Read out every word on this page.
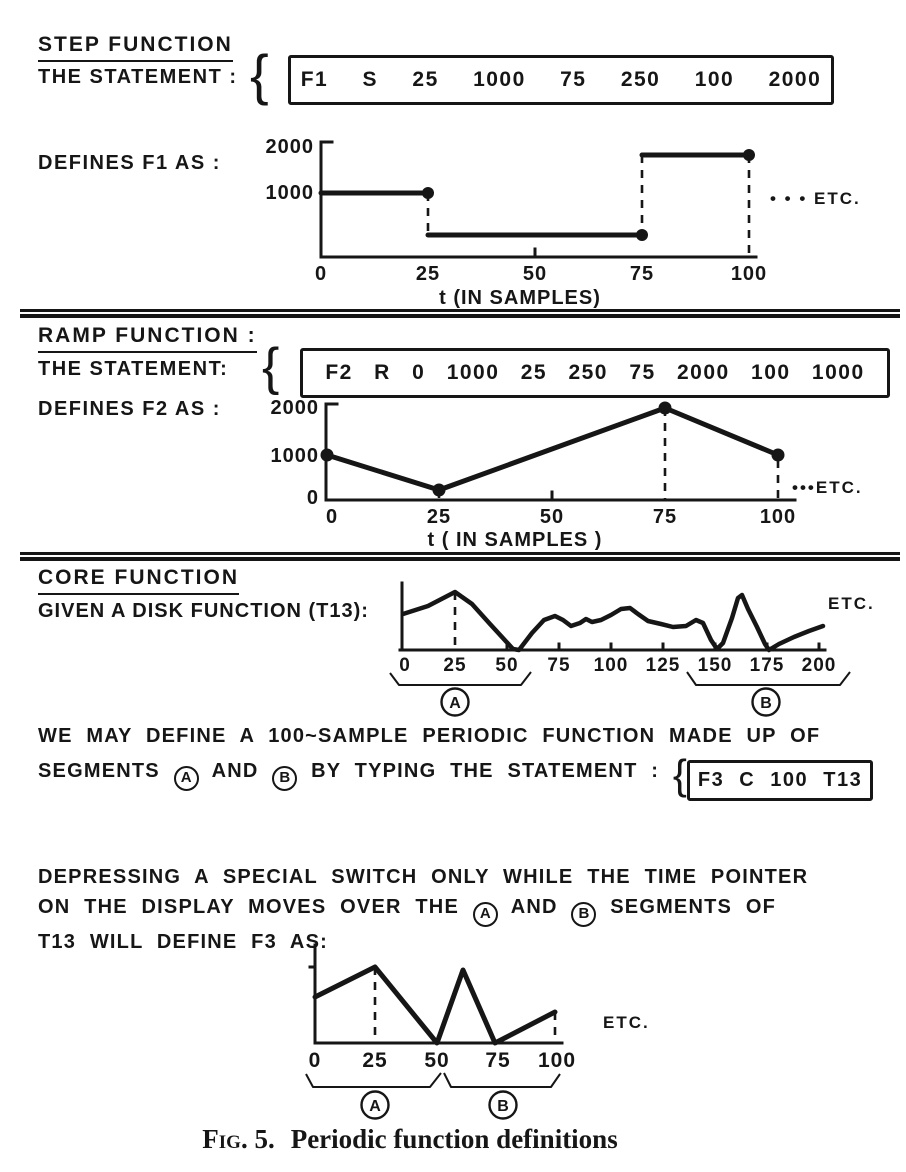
STEP FUNCTION
THE STATEMENT : {	F1 S 25 1000 75 250 100 2000
DEFINES F1 AS :
2000
1000
0	25	50	75	100
• • • ETC.
t (IN SAMPLES)
RAMP FUNCTION :
THE STATEMENT: {	F2 R 0 1000 25 250 75 2000 100 1000
DEFINES F2 AS : 2000
1000
0
0	25	50	75	100
•••ETC.
t ( IN SAMPLES )
CORE FUNCTION
GIVEN A DISK FUNCTION (T13):
0 25 50 75 100 125 150 175 200
A	B
ETC.
WE MAY DEFINE A 100~SAMPLE PERIODIC FUNCTION MADE UP OF
SEGMENTS A AND B BY TYPING THE STATEMENT : { F3 C 100 T13
DEPRESSING A SPECIAL SWITCH ONLY WHILE THE TIME POINTER
ON THE DISPLAY MOVES OVER THE A AND B SEGMENTS OF
T13 WILL DEFINE F3 AS:
0 25 50 75 100
A	B
ETC.
Fig. 5. Periodic function definitions
